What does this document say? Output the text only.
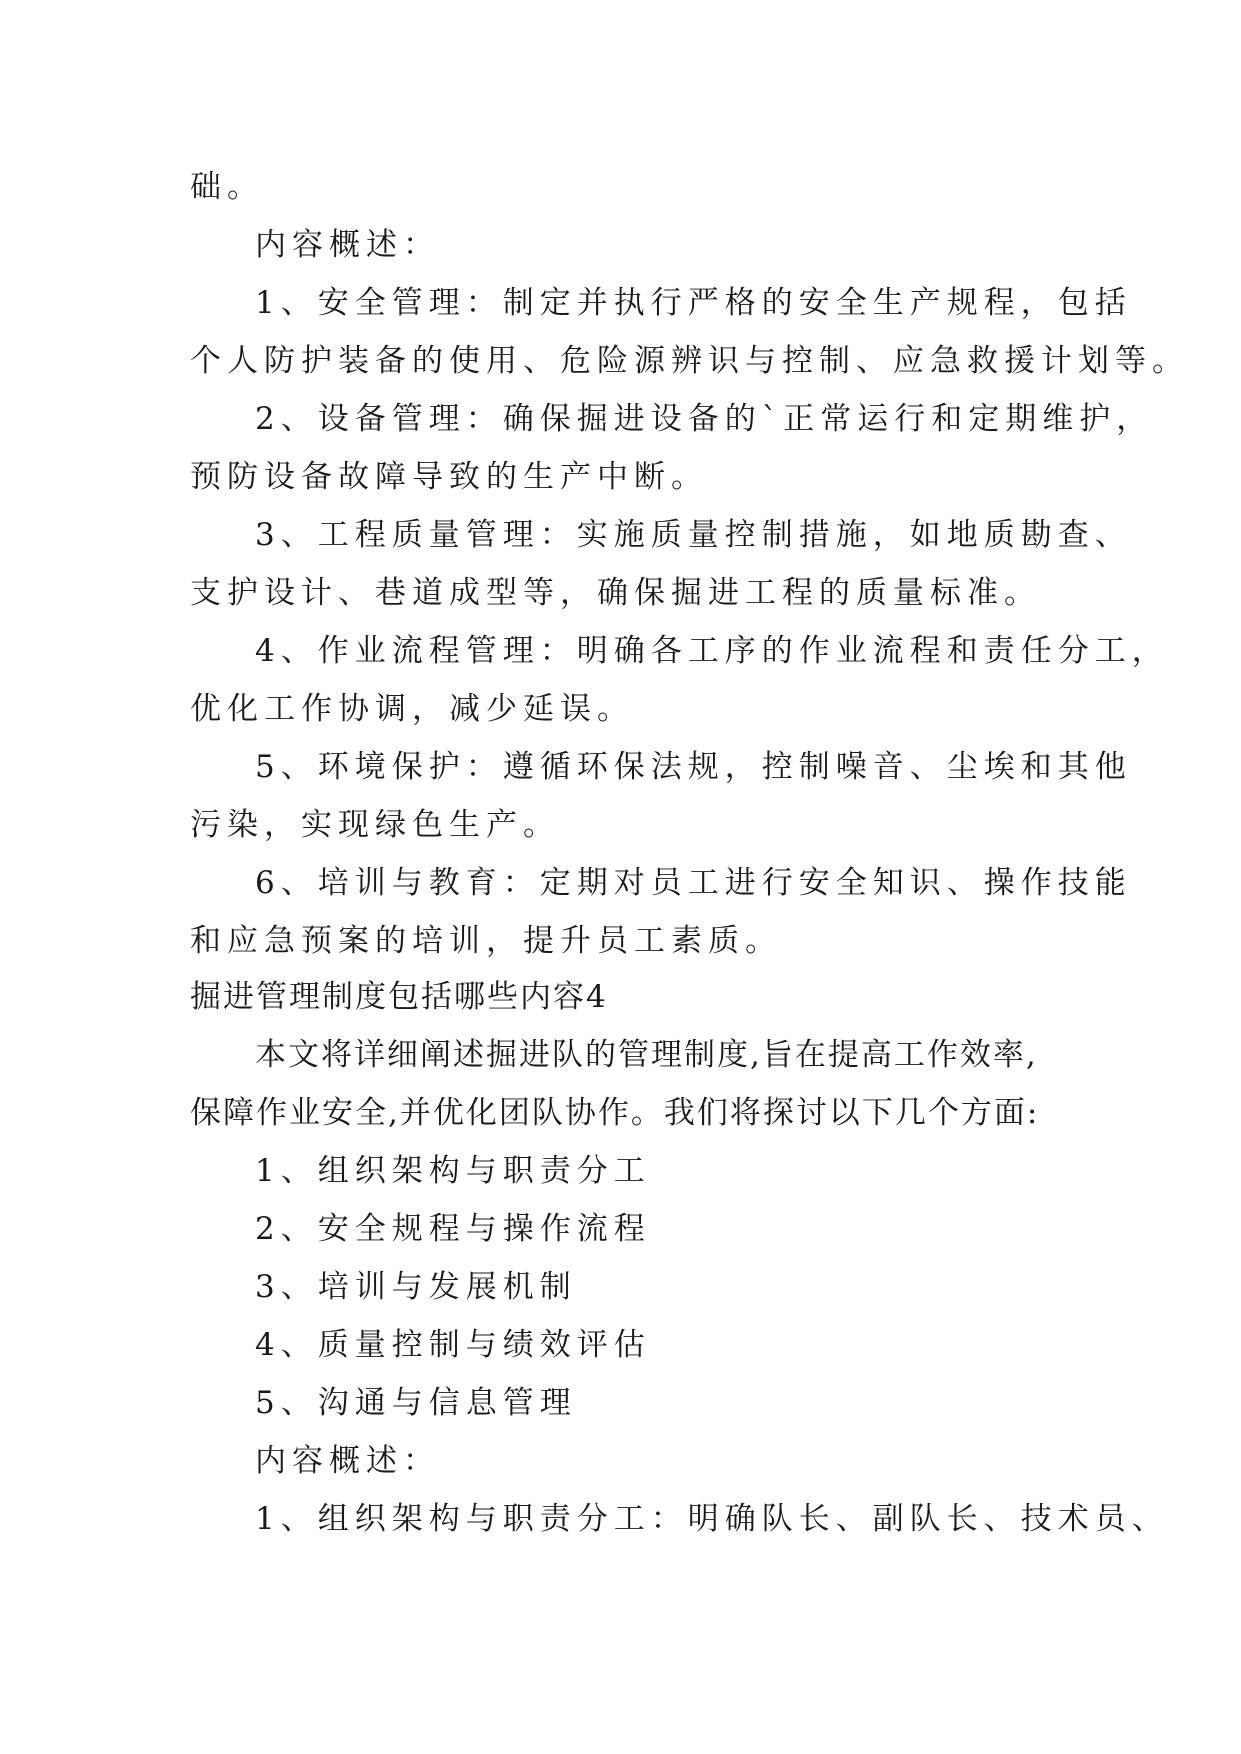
础。
内容概述：
1、安全管理：制定并执行严格的安全生产规程，包括
个人防护装备的使用、危险源辨识与控制、应急救援计划等。
2、设备管理：确保掘进设备的`正常运行和定期维护，
预防设备故障导致的生产中断。
3、工程质量管理：实施质量控制措施，如地质勘查、
支护设计、巷道成型等，确保掘进工程的质量标准。
4、作业流程管理：明确各工序的作业流程和责任分工，
优化工作协调，减少延误。
5、环境保护：遵循环保法规，控制噪音、尘埃和其他
污染，实现绿色生产。
6、培训与教育：定期对员工进行安全知识、操作技能
和应急预案的培训，提升员工素质。
掘进管理制度包括哪些内容4
本文将详细阐述掘进队的管理制度,旨在提高工作效率,
保障作业安全,并优化团队协作。我们将探讨以下几个方面:
1、组织架构与职责分工
2、安全规程与操作流程
3、培训与发展机制
4、质量控制与绩效评估
5、沟通与信息管理
内容概述：
1、组织架构与职责分工：明确队长、副队长、技术员、
